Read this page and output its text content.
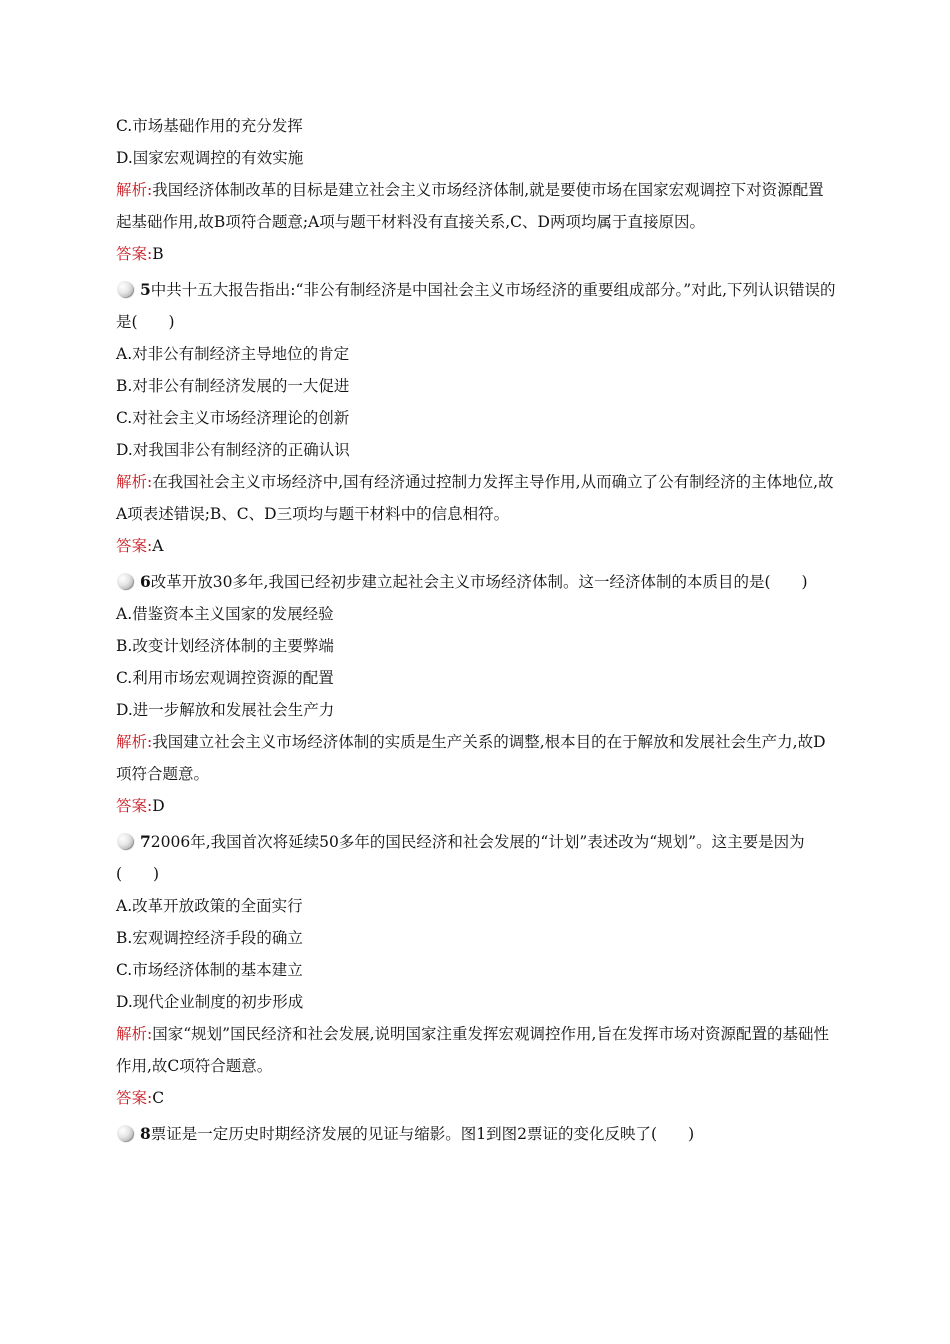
C.市场基础作用的充分发挥
D.国家宏观调控的有效实施
解析:我国经济体制改革的目标是建立社会主义市场经济体制,就是要使市场在国家宏观调控下对资源配置起基础作用,故B项符合题意;A项与题干材料没有直接关系,C、D两项均属于直接原因。
答案:B
5中共十五大报告指出:“非公有制经济是中国社会主义市场经济的重要组成部分。”对此,下列认识错误的是(　　)
A.对非公有制经济主导地位的肯定
B.对非公有制经济发展的一大促进
C.对社会主义市场经济理论的创新
D.对我国非公有制经济的正确认识
解析:在我国社会主义市场经济中,国有经济通过控制力发挥主导作用,从而确立了公有制经济的主体地位,故A项表述错误;B、C、D三项均与题干材料中的信息相符。
答案:A
6改革开放30多年,我国已经初步建立起社会主义市场经济体制。这一经济体制的本质目的是(　　)
A.借鉴资本主义国家的发展经验
B.改变计划经济体制的主要弊端
C.利用市场宏观调控资源的配置
D.进一步解放和发展社会生产力
解析:我国建立社会主义市场经济体制的实质是生产关系的调整,根本目的在于解放和发展社会生产力,故D项符合题意。
答案:D
72006年,我国首次将延续50多年的国民经济和社会发展的“计划”表述改为“规划”。这主要是因为(　　)
A.改革开放政策的全面实行
B.宏观调控经济手段的确立
C.市场经济体制的基本建立
D.现代企业制度的初步形成
解析:国家“规划”国民经济和社会发展,说明国家注重发挥宏观调控作用,旨在发挥市场对资源配置的基础性作用,故C项符合题意。
答案:C
8票证是一定历史时期经济发展的见证与缩影。图1到图2票证的变化反映了(　　)
